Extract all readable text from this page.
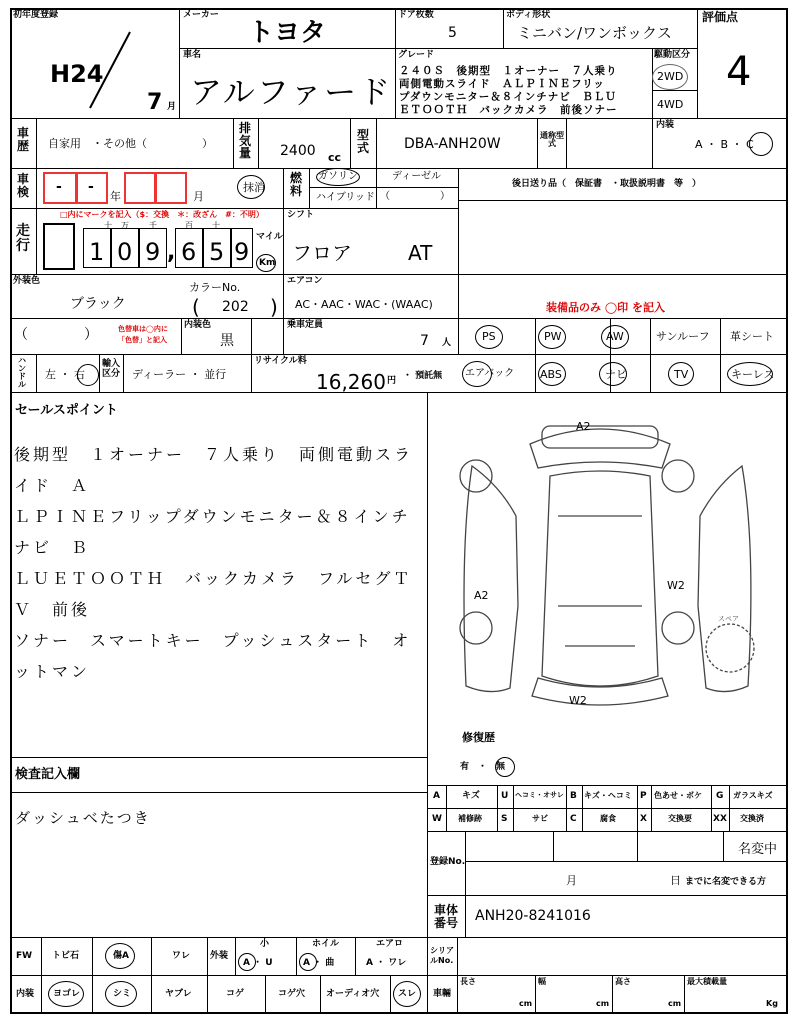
初年度登録
H24
7 月
メーカー
トヨタ
ドア枚数
5
ボディ形状
ミニバン/ワンボックス
評価点
4
車名
アルファード
グレード
２４０Ｓ　後期型　１オーナー　７人乗り
両側電動スライド　ＡＬＰＩＮＥフリッ
プダウンモニター＆８インチナビ　ＢＬＵ
ＥＴＯＯＴＨ　バックカメラ　前後ソナー
駆動区分
2WD
4WD
車歴 自家用　・その他（　　　　　）
排気量 2400 cc
型式	DBA-ANH20W
通称型式
内装
A ・ B ・ C
車検 - -
年	月
抹消
燃料
ガソリン	ディーゼル
ハイブリッド （　　　　　）
後日送り品（　保証書　・取扱説明書　等　）
走行
□内にマークを記入（$：交換　＊：改ざん　#：不明）
十 万	千	百 十
1 0 9 , 6 5 9
マイル
Km
シフト
フロア	AT
外装色
ブラック
カラーNo.
( 202 )
エアコン
AC・AAC・WAC・(WAAC)	装備品のみ ◯印 を記入
（　　　　）	色替車は◯内に「色替」と記入
内装色
黒
乗車定員
7 人	PS	PW	AW	サンルーフ 革シート
ハンドル
左 ・ 右
輸入区分 ディーラー ・ 並行
リサイクル料
16,260 円 ・ 預託無 エアバック ABS	ナビ	TV	キーレス
セールスポイント
後期型　１オーナー　７人乗り　両側電動スライド　Ａ
ＬＰＩＮＥフリップダウンモニター＆８インチナビ　Ｂ
ＬＵＥＴＯＯＴＨ　バックカメラ　フルセグＴＶ　前後
ソナー　スマートキー　プッシュスタート　オットマン
A2
A2
W2
W2
スペア
修復歴
有　・　無
A キズ U ヘコミ・オサレ B キズ・ヘコミ P 色あせ・ボケ G ガラスキズ
W 補修跡 S	サビ C	腐食	X	交換要 XX 交換済
検査記入欄
ダッシュベたつき
登録No.
名変中
月	日 までに名変できる方
車体番号 ANH20-8241016
FW トビ石	傷A	ワレ 外装
小
A ・ U
ホイル
A ・ 曲
エアロ
A ・ ワレ
シリアルNo.
内装 ヨゴレ	シミ	ヤブレ	コゲ	コゲ穴 オーディオ穴 スレ 車輛
長さ
cm
幅
cm
高さ
cm
最大積載量
Kg
